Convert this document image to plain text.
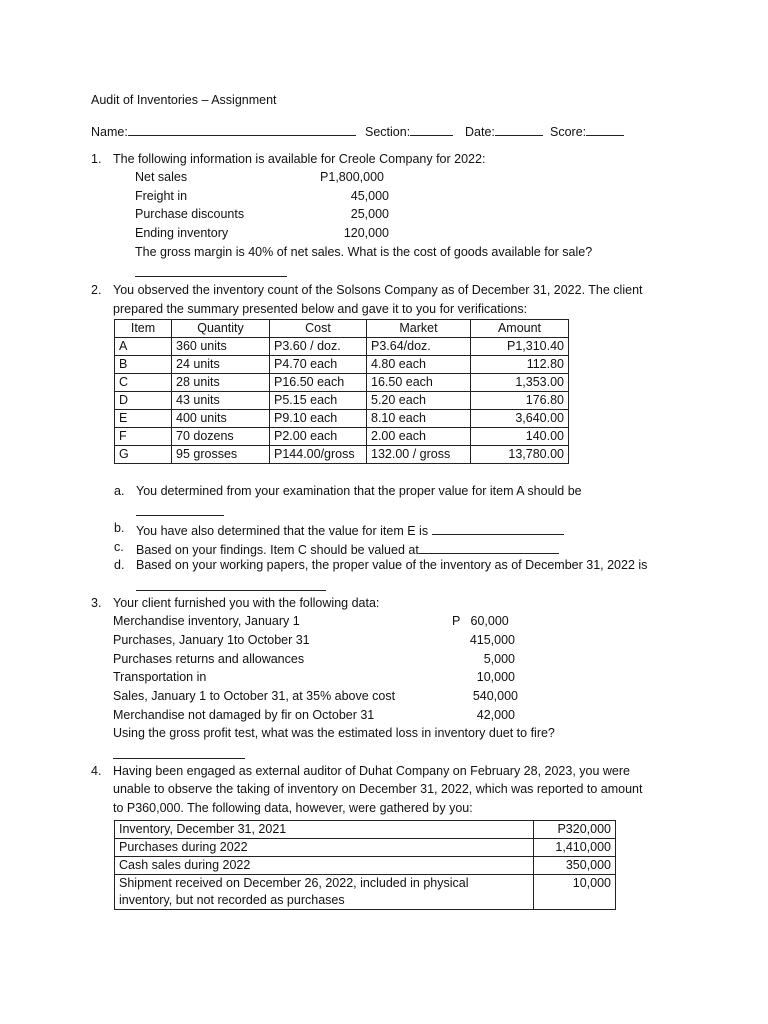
Audit of Inventories – Assignment
Name:	Section:	Date:	Score:
1. The following information is available for Creole Company for 2022:
Net sales	P1,800,000
Freight in	45,000
Purchase discounts	25,000
Ending inventory	120,000
The gross margin is 40% of net sales. What is the cost of goods available for sale?
2. You observed the inventory count of the Solsons Company as of December 31, 2022. The client
prepared the summary presented below and gave it to you for verifications:
Item	Quantity	Cost	Market	Amount
A	360 units	P3.60 / doz.	P3.64/doz.	P1,310.40
B	24 units	P4.70 each	4.80 each	112.80
C	28 units	P16.50 each	16.50 each	1,353.00
D	43 units	P5.15 each	5.20 each	176.80
E	400 units	P9.10 each	8.10 each	3,640.00
F	70 dozens	P2.00 each	2.00 each	140.00
G	95 grosses	P144.00/gross	132.00 / gross	13,780.00
a. You determined from your examination that the proper value for item A should be
b. You have also determined that the value for item E is
c. Based on your findings. Item C should be valued at
d. Based on your working papers, the proper value of the inventory as of December 31, 2022 is
3. Your client furnished you with the following data:
Merchandise inventory, January 1	P   60,000
Purchases, January 1to October 31	415,000
Purchases returns and allowances	5,000
Transportation in	10,000
Sales, January 1 to October 31, at 35% above cost	540,000
Merchandise not damaged by fir on October 31	42,000
Using the gross profit test, what was the estimated loss in inventory duet to fire?
4. Having been engaged as external auditor of Duhat Company on February 28, 2023, you were
unable to observe the taking of inventory on December 31, 2022, which was reported to amount
to P360,000. The following data, however, were gathered by you:
Inventory, December 31, 2021	P320,000
Purchases during 2022	1,410,000
Cash sales during 2022	350,000

Shipment received on December 26, 2022, included in physical
inventory, but not recorded as purchases	10,000
